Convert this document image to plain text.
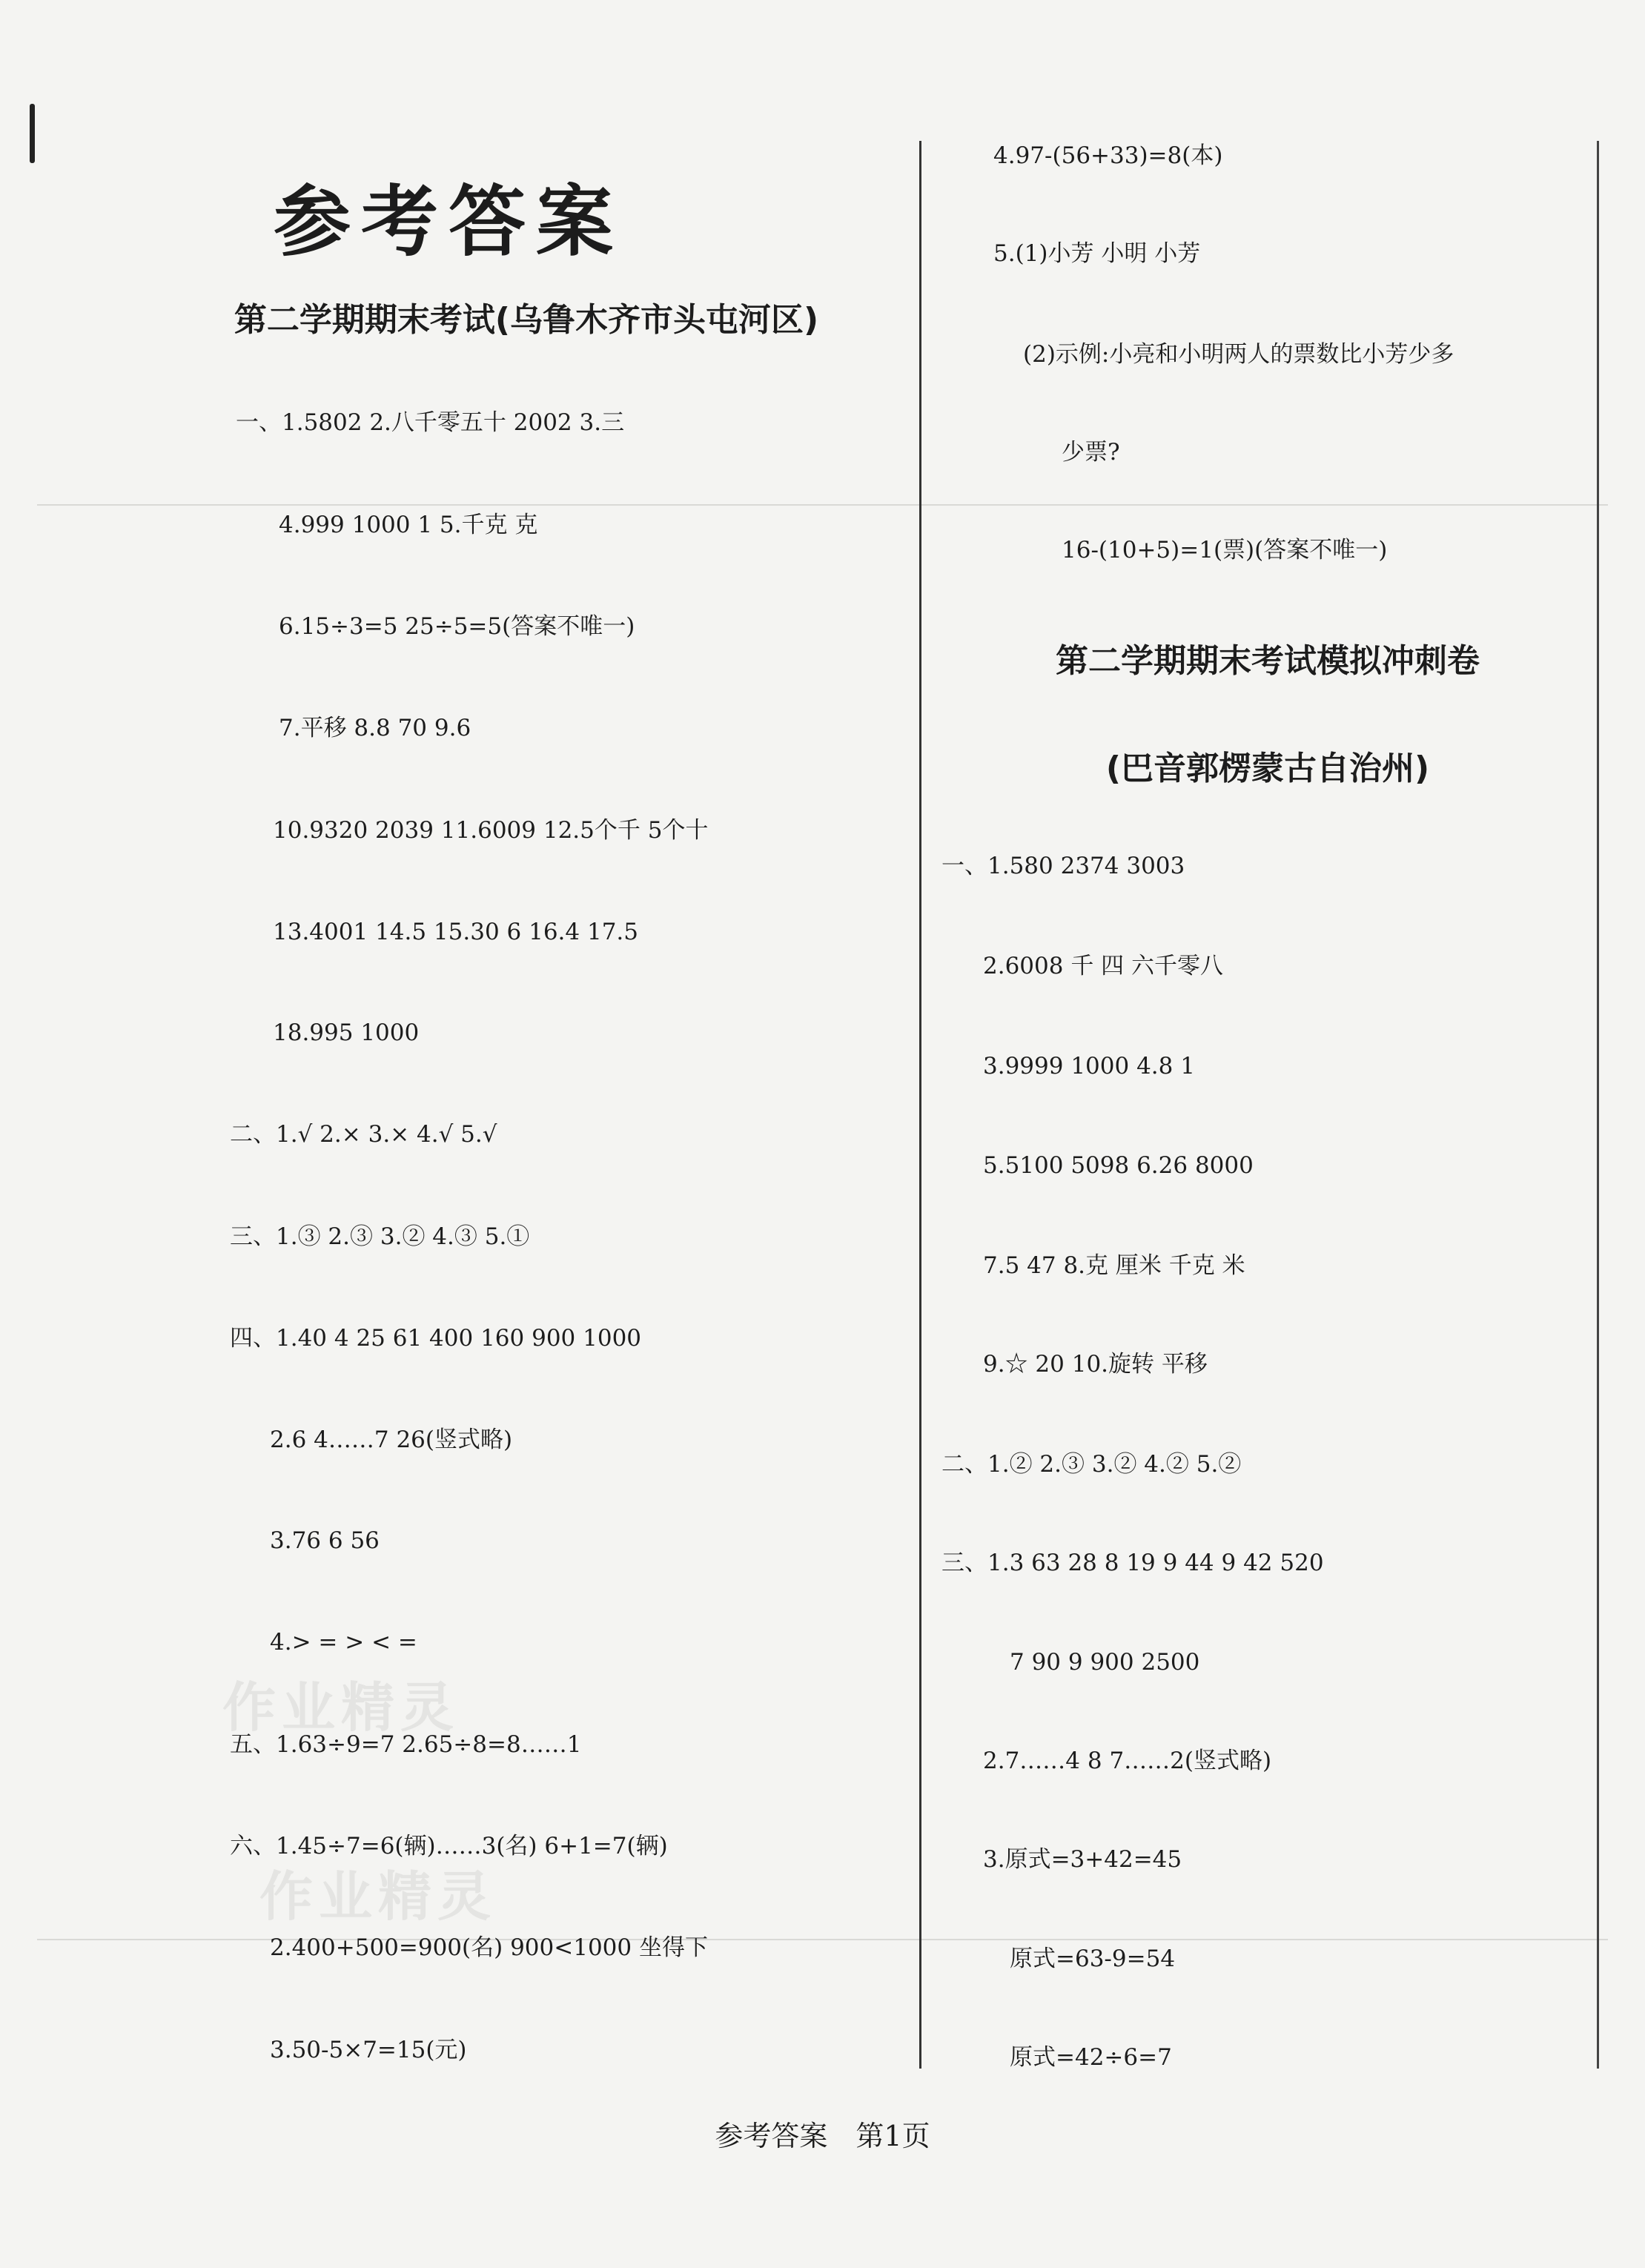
作业精灵
作业精灵
参考答案
第二学期期末考试(乌鲁木齐市头屯河区)
一、1.5802 2.八千零五十 2002 3.三
4.999 1000 1 5.千克 克
6.15÷3=5 25÷5=5(答案不唯一)
7.平移 8.8 70 9.6
10.9320 2039 11.6009 12.5个千 5个十
13.4001 14.5 15.30 6 16.4 17.5
18.995 1000
二、1.√ 2.× 3.× 4.√ 5.√
三、1.③ 2.③ 3.② 4.③ 5.①
四、1.40 4 25 61 400 160 900 1000
2.6 4……7 26(竖式略)
3.76 6 56
4.> = > < =
五、1.63÷9=7 2.65÷8=8……1
六、1.45÷7=6(辆)……3(名) 6+1=7(辆)
2.400+500=900(名) 900<1000 坐得下
3.50-5×7=15(元)
4.97-(56+33)=8(本)
5.(1)小芳 小明 小芳
(2)示例:小亮和小明两人的票数比小芳少多
少票?
16-(10+5)=1(票)(答案不唯一)
第二学期期末考试模拟冲刺卷
(巴音郭楞蒙古自治州)
一、1.580 2374 3003
2.6008 千 四 六千零八
3.9999 1000 4.8 1
5.5100 5098 6.26 8000
7.5 47 8.克 厘米 千克 米
9.☆ 20 10.旋转 平移
二、1.② 2.③ 3.② 4.② 5.②
三、1.3 63 28 8 19 9 44 9 42 520
7 90 9 900 2500
2.7……4 8 7……2(竖式略)
3.原式=3+42=45
原式=63-9=54
原式=42÷6=7
参考答案　第1页
